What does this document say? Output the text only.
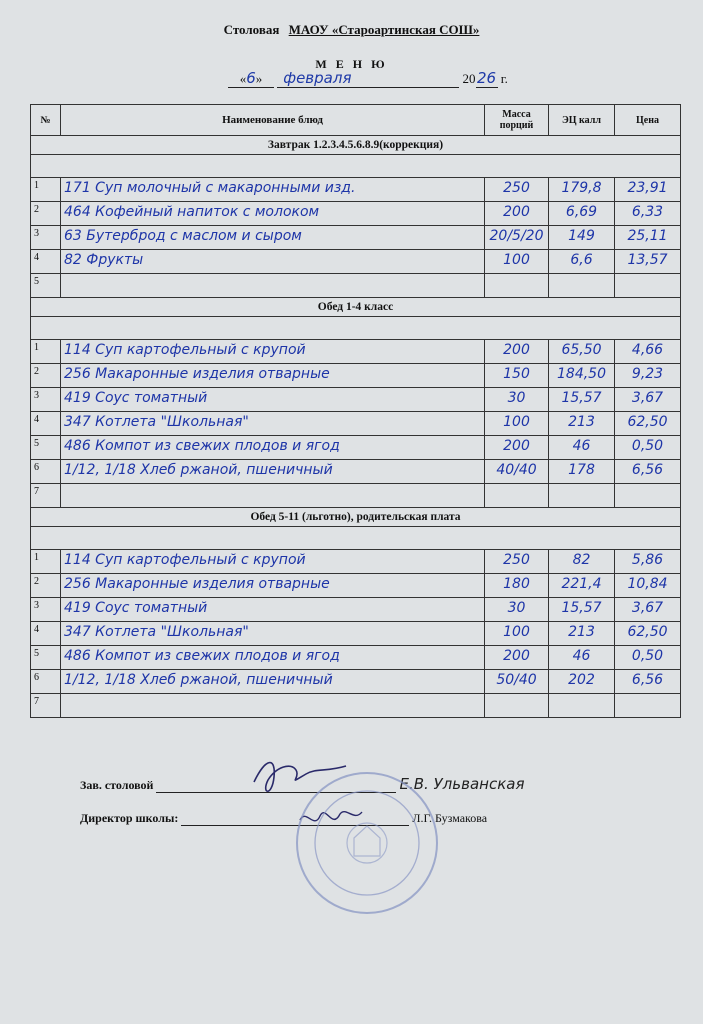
Столовая МАОУ «Староартинская СОШ»
М Е Н Ю
«6» февраля	2026 г.
№	Наименование блюд	Масса порций	ЭЦ калл	Цена
Завтрак 1.2.3.4.5.6.8.9(коррекция)				

1	171 Суп молочный с макаронными изд.	250	179,8	23,91
2	464 Кофейный напиток с молоком	200	6,69	6,33
3	63 Бутерброд с маслом и сыром	20/5/20	149	25,11
4	82 Фрукты	100	6,6	13,57
5				
Обед 1-4 класс				

1	114 Суп картофельный с крупой	200	65,50	4,66
2	256 Макаронные изделия отварные	150	184,50	9,23
3	419 Соус томатный	30	15,57	3,67
4	347 Котлета "Школьная"	100	213	62,50
5	486 Компот из свежих плодов и ягод	200	46	0,50
6	1/12, 1/18 Хлеб ржаной, пшеничный	40/40	178	6,56
7				
Обед 5-11 (льготно), родительская плата				

1	114 Суп картофельный с крупой	250	82	5,86
2	256 Макаронные изделия отварные	180	221,4	10,84
3	419 Соус томатный	30	15,57	3,67
4	347 Котлета "Школьная"	100	213	62,50
5	486 Компот из свежих плодов и ягод	200	46	0,50
6	1/12, 1/18 Хлеб ржаной, пшеничный	50/40	202	6,56
7				
Зав. столовой	Е.В. Ульванская
Директор школы:	Л.Г. Бузмакова
